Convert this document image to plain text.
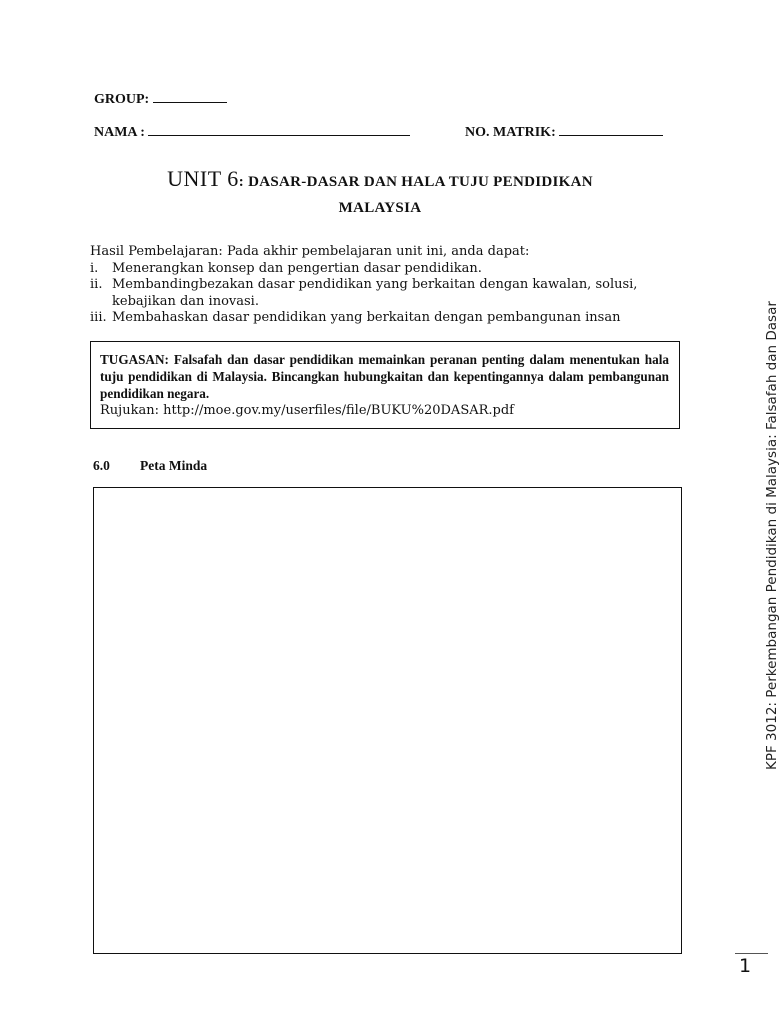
GROUP:
NAMA :	NO. MATRIK:
UNIT 6: DASAR-DASAR DAN HALA TUJU PENDIDIKAN
MALAYSIA
Hasil Pembelajaran: Pada akhir pembelajaran unit ini, anda dapat:
i.	Menerangkan konsep dan pengertian dasar pendidikan.
ii. Membandingbezakan dasar pendidikan yang berkaitan dengan kawalan, solusi, kebajikan dan inovasi.
iii. Membahaskan dasar pendidikan yang berkaitan dengan pembangunan insan
TUGASAN: Falsafah dan dasar pendidikan memainkan peranan penting dalam menentukan hala tuju pendidikan di Malaysia. Bincangkan hubungkaitan dan kepentingannya dalam pembangunan pendidikan negara.
Rujukan: http://moe.gov.my/userfiles/file/BUKU%20DASAR.pdf
6.0 Peta Minda	KPF 3012: Perkembangan Pendidikan di Malaysia: Falsafah dan Dasar
1
